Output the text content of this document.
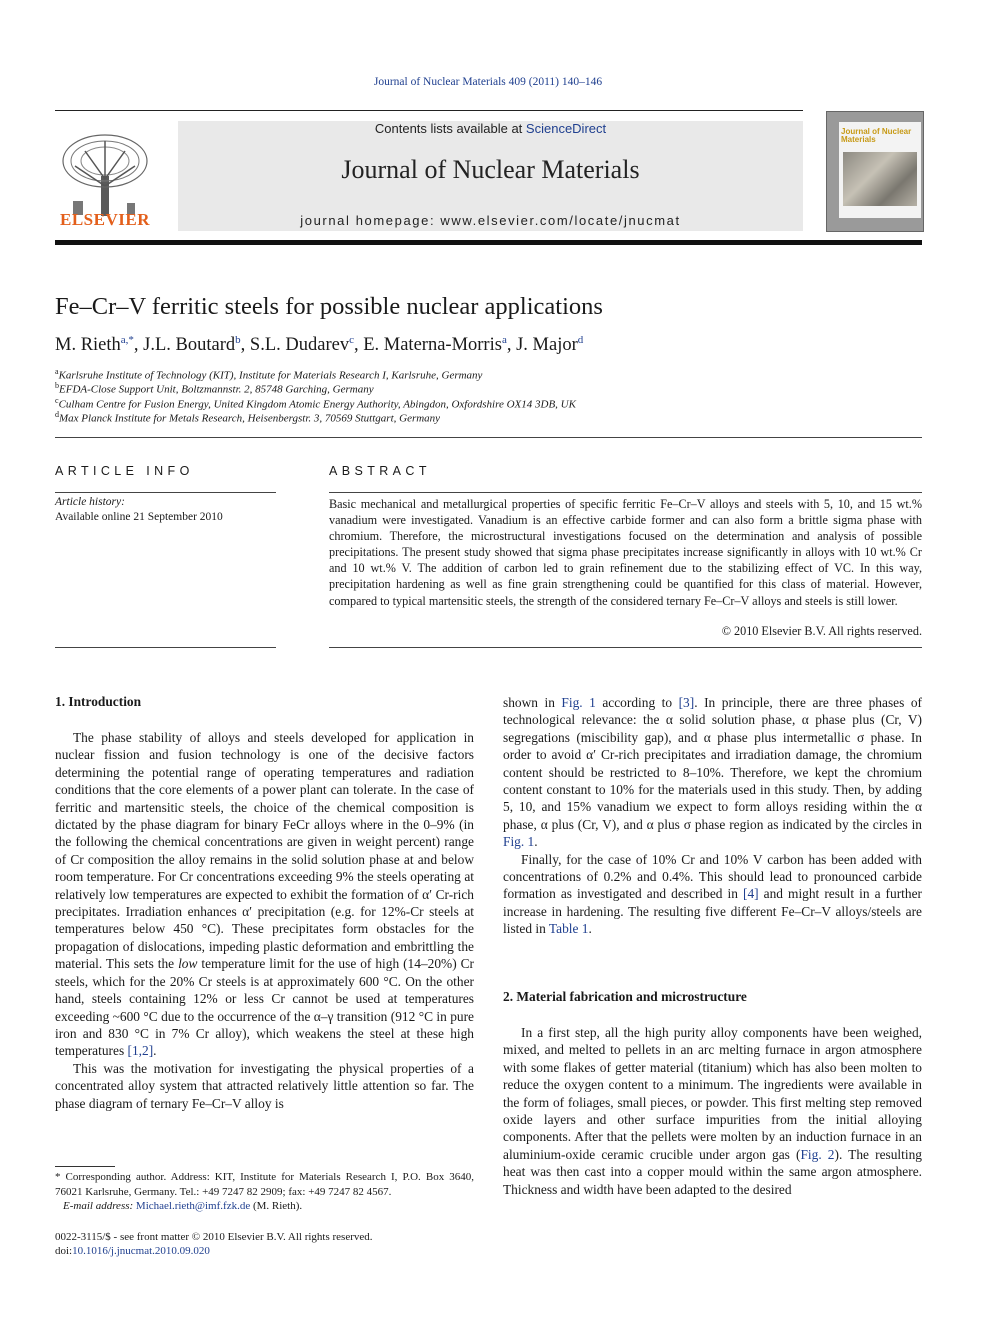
Journal of Nuclear Materials 409 (2011) 140–146
ELSEVIER
Contents lists available at ScienceDirect
Journal of Nuclear Materials
journal homepage: www.elsevier.com/locate/jnucmat
Journal of Nuclear Materials
Fe–Cr–V ferritic steels for possible nuclear applications
M. Rieth$^{a,*}$, J.L. Boutard$^b$, S.L. Dudarev$^c$, E. Materna-Morris$^a$, J. Major$^d$
$^a$Karlsruhe Institute of Technology (KIT), Institute for Materials Research I, Karlsruhe, Germany
$^b$EFDA-Close Support Unit, Boltzmannstr. 2, 85748 Garching, Germany
$^c$Culham Centre for Fusion Energy, United Kingdom Atomic Energy Authority, Abingdon, Oxfordshire OX14 3DB, UK
$^d$Max Planck Institute for Metals Research, Heisenbergstr. 3, 70569 Stuttgart, Germany
ARTICLE INFO	ABSTRACT
Article history:
Available online 21 September 2010
Basic mechanical and metallurgical properties of specific ferritic Fe–Cr–V alloys and steels with 5, 10, and 15 wt.% vanadium were investigated. Vanadium is an effective carbide former and can also form a brittle sigma phase with chromium. Therefore, the microstructural investigations focused on the determination and analysis of possible precipitations. The present study showed that sigma phase precipitates increase significantly in alloys with 10 wt.% Cr and 10 wt.% V. The addition of carbon led to grain refinement due to the stabilizing effect of VC. In this way, precipitation hardening as well as fine grain strengthening could be quantified for this class of material. However, compared to typical martensitic steels, the strength of the considered ternary Fe–Cr–V alloys and steels is still lower.
© 2010 Elsevier B.V. All rights reserved.
1. Introduction

The phase stability of alloys and steels developed for application in nuclear fission and fusion technology is one of the decisive factors determining the potential range of operating temperatures and radiation conditions that the core elements of a power plant can tolerate. In the case of ferritic and martensitic steels, the choice of the chemical composition is dictated by the phase diagram for binary FeCr alloys where in the 0–9% (in the following the chemical concentrations are given in weight percent) range of Cr composition the alloy remains in the solid solution phase at and below room temperature. For Cr concentrations exceeding 9% the steels operating at relatively low temperatures are expected to exhibit the formation of α′ Cr-rich precipitates. Irradiation enhances α′ precipitation (e.g. for 12%-Cr steels at temperatures below 450 °C). These precipitates form obstacles for the propagation of dislocations, impeding plastic deformation and embrittling the material. This sets the low temperature limit for the use of high (14–20%) Cr steels, which for the 20% Cr steels is at approximately 600 °C. On the other hand, steels containing 12% or less Cr cannot be used at temperatures exceeding ~600 °C due to the occurrence of the α–γ transition (912 °C in pure iron and 830 °C in 7% Cr alloy), which weakens the steel at these high temperatures [1,2].

This was the motivation for investigating the physical properties of a concentrated alloy system that attracted relatively little attention so far. The phase diagram of ternary Fe–Cr–V alloy is

shown in Fig. 1 according to [3]. In principle, there are three phases of technological relevance: the α solid solution phase, α phase plus (Cr, V) segregations (miscibility gap), and α phase plus intermetallic σ phase. In order to avoid α′ Cr-rich precipitates and irradiation damage, the chromium content should be restricted to 8–10%. Therefore, we kept the chromium content constant to 10% for the materials used in this study. Then, by adding 5, 10, and 15% vanadium we expect to form alloys residing within the α phase, α plus (Cr, V), and α plus σ phase region as indicated by the circles in Fig. 1.

Finally, for the case of 10% Cr and 10% V carbon has been added with concentrations of 0.2% and 0.4%. This should lead to pronounced carbide formation as investigated and described in [4] and might result in a further increase in hardening. The resulting five different Fe–Cr–V alloys/steels are listed in Table 1.

2. Material fabrication and microstructure

In a first step, all the high purity alloy components have been weighed, mixed, and melted to pellets in an arc melting furnace in argon atmosphere with some flakes of getter material (titanium) which has also been molten to reduce the oxygen content to a minimum. The ingredients were available in the form of foliages, small pieces, or powder. This first melting step removed oxide layers and other surface impurities from the initial alloying components. After that the pellets were molten by an induction furnace in an aluminium-oxide ceramic crucible under argon gas (Fig. 2). The resulting heat was then cast into a copper mould within the same argon atmosphere. Thickness and width have been adapted to the desired

* Corresponding author. Address: KIT, Institute for Materials Research I, P.O. Box 3640, 76021 Karlsruhe, Germany. Tel.: +49 7247 82 2909; fax: +49 7247 82 4567.
E-mail address: Michael.rieth@imf.fzk.de (M. Rieth).
0022-3115/$ - see front matter © 2010 Elsevier B.V. All rights reserved.
doi:10.1016/j.jnucmat.2010.09.020
